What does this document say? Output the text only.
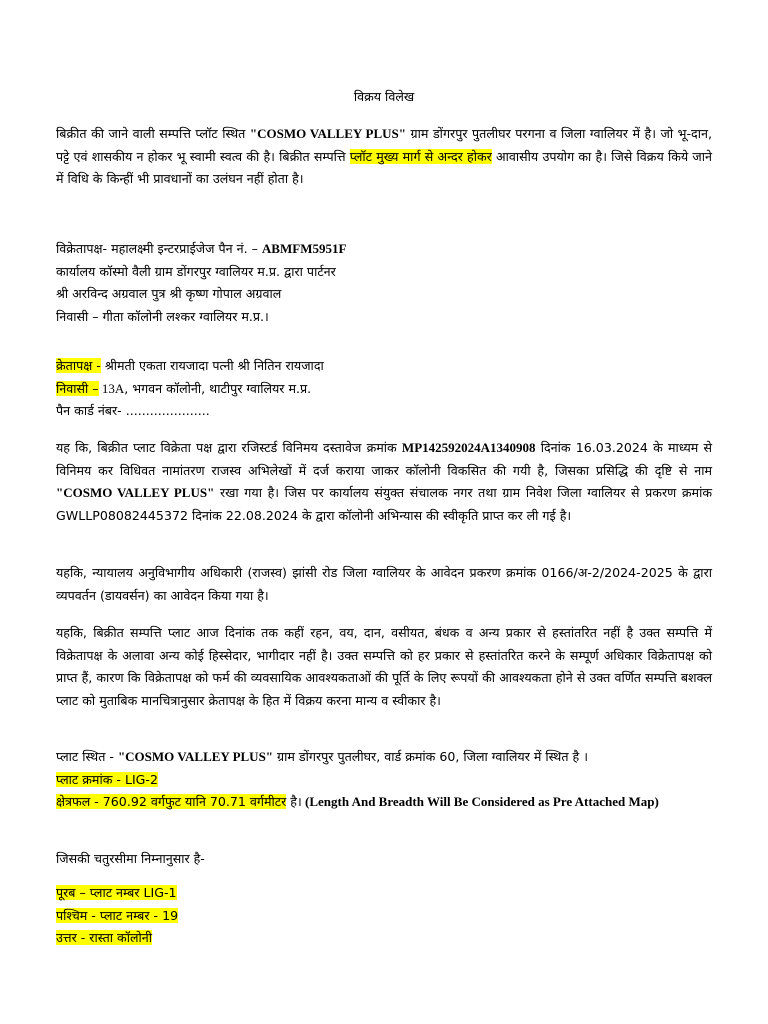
विक्रय विलेख

बिक्रीत की जाने वाली सम्पत्ति प्लॉट स्थित "COSMO VALLEY PLUS" ग्राम डोंगरपुर पुतलीघर परगना व जिला ग्वालियर में है। जो भू-दान, पट्टे एवं शासकीय न होकर भू स्वामी स्वत्व की है। बिक्रीत सम्पत्ति प्लॉट मुख्य मार्ग से अन्दर होकर आवासीय उपयोग का है। जिसे विक्रय किये जाने में विधि के किन्हीं भी प्रावधानों का उलंघन नहीं होता है।

विक्रेतापक्ष- महालक्ष्मी इन्टरप्राईजेज पैन नं. – ABMFM5951F

कार्यालय कॉस्मो वैली ग्राम डोंगरपुर ग्वालियर म.प्र. द्वारा पार्टनर

श्री अरविन्द अग्रवाल पुत्र श्री कृष्ण गोपाल अग्रवाल

निवासी – गीता कॉलोनी लश्कर ग्वालियर म.प्र.।

क्रेतापक्ष - श्रीमती एकता रायजादा पत्नी श्री नितिन रायजादा

निवासी – 13A, भगवन कॉलोनी, थाटीपुर ग्वालियर म.प्र.

पैन कार्ड नंबर- .....................

यह कि, बिक्रीत प्लाट विक्रेता पक्ष द्वारा रजिस्टर्ड विनिमय दस्तावेज क्रमांक MP142592024A1340908 दिनांक 16.03.2024 के माध्यम से विनिमय कर विधिवत नामांतरण राजस्व अभिलेखों में दर्ज कराया जाकर कॉलोनी विकसित की गयी है, जिसका प्रसिद्धि की दृष्टि से नाम "COSMO VALLEY PLUS" रखा गया है। जिस पर कार्यालय संयुक्त संचालक नगर तथा ग्राम निवेश जिला ग्वालियर से प्रकरण क्रमांक GWLLP08082445372 दिनांक 22.08.2024 के द्वारा कॉलोनी अभिन्यास की स्वीकृति प्राप्त कर ली गई है।

यहकि, न्यायालय अनुविभागीय अधिकारी (राजस्व) झांसी रोड जिला ग्वालियर के आवेदन प्रकरण क्रमांक 0166/अ-2/2024-2025 के द्वारा व्यपवर्तन (डायवर्सन) का आवेदन किया गया है।

यहकि, बिक्रीत सम्पत्ति प्लाट आज दिनांक तक कहीं रहन, वय, दान, वसीयत, बंधक व अन्य प्रकार से हस्तांतरित नहीं है उक्त सम्पत्ति में विक्रेतापक्ष के अलावा अन्य कोई हिस्सेदार, भागीदार नहीं है। उक्त सम्पत्ति को हर प्रकार से हस्तांतरित करने के सम्पूर्ण अधिकार विक्रेतापक्ष को प्राप्त हैं, कारण कि विक्रेतापक्ष को फर्म की व्यवसायिक आवश्यकताओं की पूर्ति के लिए रूपयों की आवश्यकता होने से उक्त वर्णित सम्पत्ति बशक्ल प्लाट को मुताबिक मानचित्रानुसार क्रेतापक्ष के हित में विक्रय करना मान्य व स्वीकार है।

प्लाट स्थित - "COSMO VALLEY PLUS" ग्राम डोंगरपुर पुतलीघर, वार्ड क्रमांक 60, जिला ग्वालियर में स्थित है ।

प्लाट क्रमांक - LIG-2

क्षेत्रफल - 760.92 वर्गफुट यानि 70.71 वर्गमीटर है। (Length And Breadth Will Be Considered as Pre Attached Map)

जिसकी चतुरसीमा निम्नानुसार है-

पूरब – प्लाट नम्बर LIG-1

पश्चिम - प्लाट नम्बर - 19

उत्तर - रास्ता कॉलोनी
